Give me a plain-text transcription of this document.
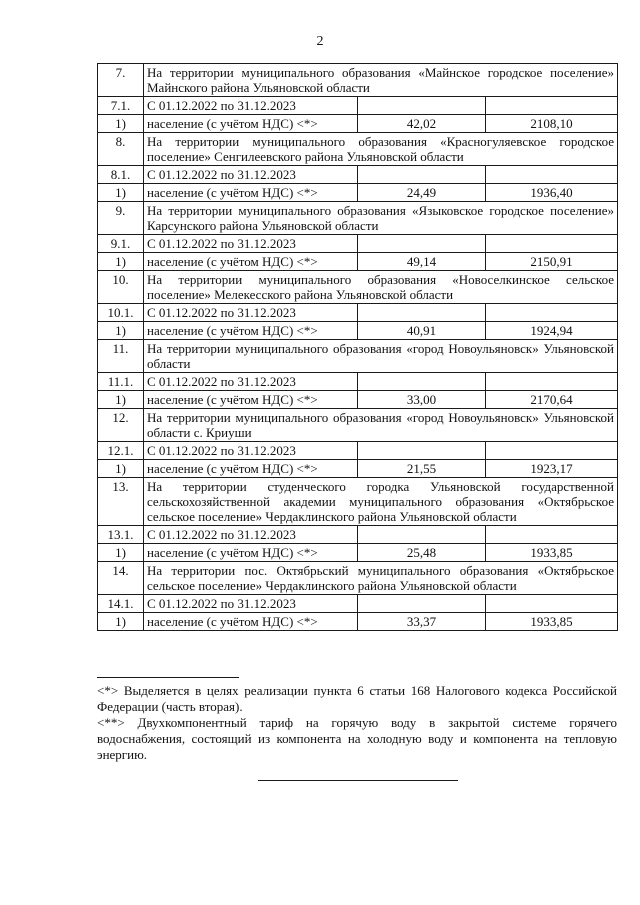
2
7.	На территории муниципального образования «Майнское городское поселение» Майнского района Ульяновской области		
7.1.	С 01.12.2022 по 31.12.2023		
1)	население (с учётом НДС) <*>	42,02	2108,10
8.	На территории муниципального образования «Красногуляевское городское поселение» Сенгилеевского района Ульяновской области		
8.1.	С 01.12.2022 по 31.12.2023		
1)	население (с учётом НДС) <*>	24,49	1936,40
9.	На территории муниципального образования «Языковское городское поселение» Карсунского района Ульяновской области		
9.1.	С 01.12.2022 по 31.12.2023		
1)	население (с учётом НДС) <*>	49,14	2150,91
10.	На территории муниципального образования «Новоселкинское сельское поселение» Мелекесского района Ульяновской области		
10.1.	С 01.12.2022 по 31.12.2023		
1)	население (с учётом НДС) <*>	40,91	1924,94
11.	На территории муниципального образования «город Новоульяновск» Ульяновской области		
11.1.	С 01.12.2022 по 31.12.2023		
1)	население (с учётом НДС) <*>	33,00	2170,64
12.	На территории муниципального образования «город Новоульяновск» Ульяновской области с. Криуши		
12.1.	С 01.12.2022 по 31.12.2023		
1)	население (с учётом НДС) <*>	21,55	1923,17
13.	На территории студенческого городка Ульяновской государственной сельскохозяйственной академии муниципального образования «Октябрьское сельское поселение» Чердаклинского района Ульяновской области		
13.1.	С 01.12.2022 по 31.12.2023		
1)	население (с учётом НДС) <*>	25,48	1933,85
14.	На территории пос. Октябрьский муниципального образования «Октябрьское сельское поселение» Чердаклинского района Ульяновской области		
14.1.	С 01.12.2022 по 31.12.2023		
1)	население (с учётом НДС) <*>	33,37	1933,85

<*> Выделяется в целях реализации пункта 6 статьи 168 Налогового кодекса Российской Федерации (часть вторая).

<**> Двухкомпонентный тариф на горячую воду в закрытой системе горячего водоснабжения, состоящий из компонента на холодную воду и компонента на тепловую энергию.
